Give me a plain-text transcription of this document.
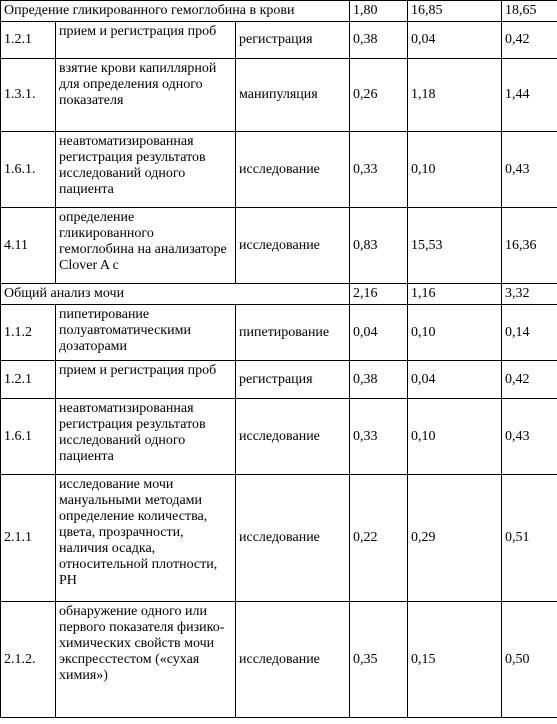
Опредение гликированного гемоглобина в крови			1,80	16,85	18,65
1.2.1	прием и регистрация проб	регистрация	0,38	0,04	0,42
1.3.1.	взятие крови капиллярной для определения одного показателя	манипуляция	0,26	1,18	1,44
1.6.1.	неавтоматизированная регистрация результатов исследований одного пациента	исследование	0,33	0,10	0,43
4.11	определение гликированного гемоглобина на анализаторе Clover A c	исследование	0,83	15,53	16,36
Общий анализ мочи			2,16	1,16	3,32
1.1.2	пипетирование полуавтоматическими дозаторами	пипетирование	0,04	0,10	0,14
1.2.1	прием и регистрация проб	регистрация	0,38	0,04	0,42
1.6.1	неавтоматизированная регистрация результатов исследований одного пациента	исследование	0,33	0,10	0,43
2.1.1	исследование мочи мануальными методами определение количества, цвета, прозрачности, наличия осадка, относительной плотности, PH	исследование	0,22	0,29	0,51
2.1.2.	обнаружение одного или первого показателя физико-химических свойств мочи экспресстестом («сухая химия»)	исследование	0,35	0,15	0,50
